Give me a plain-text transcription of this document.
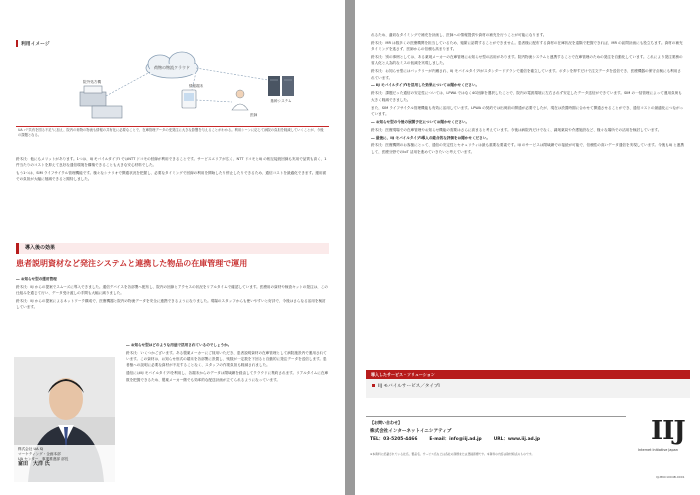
利用イメージ
荷物の物流クラウド
院外処方機
情報端末
医師
基幹システム
UA パ"共有を図る不足"に加え、院内の荷物の物流も情報の共有化に必要なことで、在庫管理データの受発注に大きな影響を与えることがわかる。利用シーンに応じて病院の負担を軽減していくことが、今後の課題となる。

鈴木氏：他にもメリットがあります。1つは、IIJ モバイルタイプI ではNTT ドコモの回線が利用できることです。サービスエリアが広く、NTT ドコモとIIJ の相互接続回線も実用で品質も高く、1件当たりのコストを抑えて良好な通信環境を構築できることも大きな安心材料でした。

もう1つは、SIM ライフサイクル管理機能です。様々なシナリオで開通状況を把握し、必要なタイミングで回線の利用を開始したり停止したりできるため、通信コストを最適化できます。運用面での負担が大幅に削減できると期待しました。

導入後の効果
患者説明資材など発注システムと連携した物品の在庫管理で運用

― お知らせ型の運用管理

鈴木氏：IIJ からの提案でスムーズに導入できました。通信デバイスを各部署へ配布し、院内の回線とアクセスの状況をリアルタイムで確認しています。医療用の資材や検査キットの発注は、この仕組みを通じて行い、データ受け渡しの手間も大幅に減りました。

鈴木氏：IIJ からの提案によるネットワーク構成で、医療機器と院内の物流データを安全に連携できるようになりました。現場のスタッフからも使いやすいと好評で、今後はさらなる活用を検討しています。

株式会社 UA SJ
マーケティング・企画本部
UA センター　事業推進部 部長
富田　大洋 氏

― お知らせ型はどのような用途で活用されているのでしょうか。

鈴木氏：いくつかございます。ある製薬メーカーにご採用いただき、患者説明資材の在庫管理として病院施設内で運用されています。この資材は、お知らせ形式の端末を各部署に設置し、残数が一定数を下回ると自動的に発注データを送信します。患者様への説明に必要な資材が不足することなく、スタッフの作業負担も軽減されました。

通信にはIIJ モバイルタイプIを利用し、各端末からのデータは閉域網を経由してクラウドに集約されます。リアルタイムに在庫数を把握できるため、製薬メーカー側でも効率的な配送計画が立てられるようになっています。

れるため、適切なタイミングで補充を計画し、医師への情報提供や資材の補充を行うことが可能になります。

鈴木氏：MR は数多くの医療機関を担当しているため、頻繁に訪問することができません。患者様に配布する資材の在庫状況を遠隔で把握できれば、MR の訪問計画にも役立ちます。資材の補充タイミングを逃さず、医師からの信頼も高まります。

鈴木氏：別の事例としては、ある薬剤メーカーの在庫管理にお知らせ型の活用があります。院内物流システムと連携することで在庫管理のための発注を自動化しています。これにより発注業務の省人化と人為的なミスの低減を実現しました。

鈴木氏：お知らせ型にはバッテリーが内蔵され、IIJ モバイルタイプIがスタンダードプランで通信を確立しています。ボタンを押すだけで注文データを送信でき、医療機器の保守点検にも利用されています。

― IIJ モバイルタイプIを活用した効果についてお聞かせください。

鈴木氏：課題だった通信の安定性については、LPWA ではなく4G回線を選択したことで、院内の電波環境に左右されず安定したデータ送信ができています。SIM の一括管理によって運用負荷も大きく軽減できました。

また、SIM ライフサイクル管理機能も有効に活用しています。LPWA の契約では出荷前の開通が必要でしたが、現在は設置時期に合わせて開通させることができ、通信コストの最適化につながっています。

― お知らせ型の今後の展開予定についてお聞かせください。

鈴木氏：医療現場での在庫管理やお知らせ機能の需要はさらに高まると考えています。今後は病院内だけでなく、調剤薬局や介護施設など、様々な場所での活用を検討しています。

― 最後に、IIJ モバイルタイプI導入の総合的な評価をお聞かせください。

鈴木氏：医療機関のお客様にとって、通信の安定性とセキュリティは最も重要な要素です。IIJ のサービスは閉域網での接続が可能で、信頼性の高いデータ通信を実現しています。今後もIIJ と連携して、医療分野でのIoT 活用を進めていきたいと考えています。

導入したサービス・ソリューション
IIJ モバイルサービス／タイプI
【お問い合わせ】
株式会社インターネットイニシアティブ
TEL：03-5205-4466	E-mail：info@iij.ad.jp	URL：www.iij.ad.jp
※本資料に記載されている社名、製品名、サービス名などは各社の商標または登録商標です。本資料の内容は取材時点のものです。
IIJ
Internet Initiative Japan
IIJ-MKC1004B-0001
